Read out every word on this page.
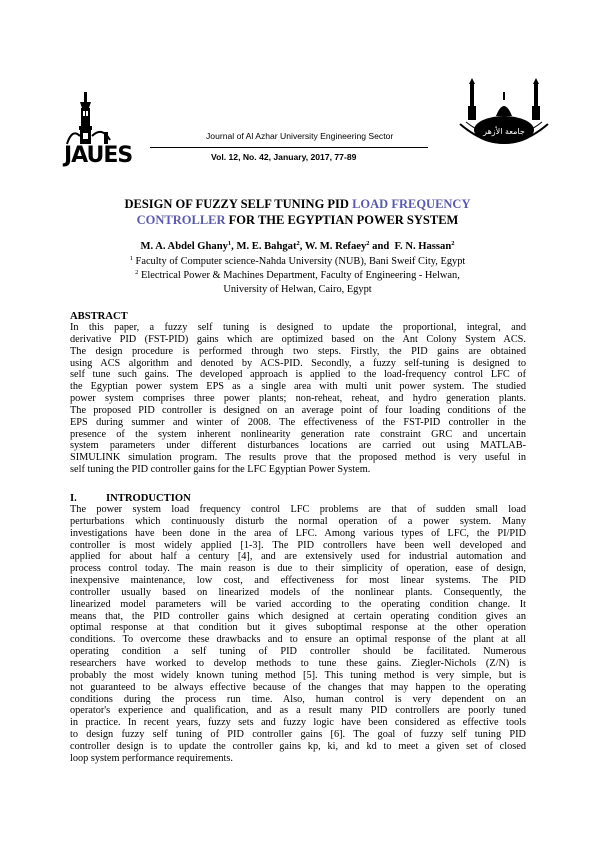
JAUES
جامعة الأزهر
Journal of Al Azhar University Engineering Sector
Vol. 12, No. 42, January, 2017, 77-89
DESIGN OF FUZZY SELF TUNING PID LOAD FREQUENCY
CONTROLLER FOR THE EGYPTIAN POWER SYSTEM
M. A. Abdel Ghany$^1$, M. E. Bahgat$^2$, W. M. Refaey$^2$ and  F. N. Hassan$^2$
$^1$ Faculty of Computer science-Nahda University (NUB), Bani Sweif City, Egypt
$^2$ Electrical Power & Machines Department, Faculty of Engineering - Helwan,
University of Helwan, Cairo, Egypt
ABSTRACT
In this paper, a fuzzy self tuning is designed to update the proportional, integral, and
derivative PID (FST-PID) gains which are optimized based on the Ant Colony System ACS.
The design procedure is performed through two steps. Firstly, the PID gains are obtained
using ACS algorithm and denoted by ACS-PID. Secondly, a fuzzy self-tuning is designed to
self tune such gains. The developed approach is applied to the load-frequency control LFC of
the Egyptian power system EPS as a single area with multi unit power system. The studied
power system comprises three power plants; non-reheat, reheat, and hydro generation plants.
The proposed PID controller is designed on an average point of four loading conditions of the
EPS during summer and winter of 2008. The effectiveness of the FST-PID controller in the
presence of the system inherent nonlinearity generation rate constraint GRC and uncertain
system parameters under different disturbances locations are carried out using MATLAB-
SIMULINK simulation program. The results prove that the proposed method is very useful in
self tuning the PID controller gains for the LFC Egyptian Power System.
I.	INTRODUCTION
The power system load frequency control LFC problems are that of sudden small load
perturbations which continuously disturb the normal operation of a power system. Many
investigations have been done in the area of LFC. Among various types of LFC, the PI/PID
controller is most widely applied [1-3]. The PID controllers have been well developed and
applied for about half a century [4], and are extensively used for industrial automation and
process control today. The main reason is due to their simplicity of operation, ease of design,
inexpensive maintenance, low cost, and effectiveness for most linear systems. The PID
controller usually based on linearized models of the nonlinear plants. Consequently, the
linearized model parameters will be varied according to the operating condition change. It
means that, the PID controller gains which designed at certain operating condition gives an
optimal response at that condition but it gives suboptimal response at the other operation
conditions. To overcome these drawbacks and to ensure an optimal response of the plant at all
operating condition a self tuning of PID controller should be facilitated. Numerous
researchers have worked to develop methods to tune these gains. Ziegler-Nichols (Z/N) is
probably the most widely known tuning method [5]. This tuning method is very simple, but is
not guaranteed to be always effective because of the changes that may happen to the operating
conditions during the process run time. Also, human control is very dependent on an
operator's experience and qualification, and as a result many PID controllers are poorly tuned
in practice. In recent years, fuzzy sets and fuzzy logic have been considered as effective tools
to design fuzzy self tuning of PID controller gains [6]. The goal of fuzzy self tuning PID
controller design is to update the controller gains kp, ki, and kd to meet a given set of closed
loop system performance requirements.
